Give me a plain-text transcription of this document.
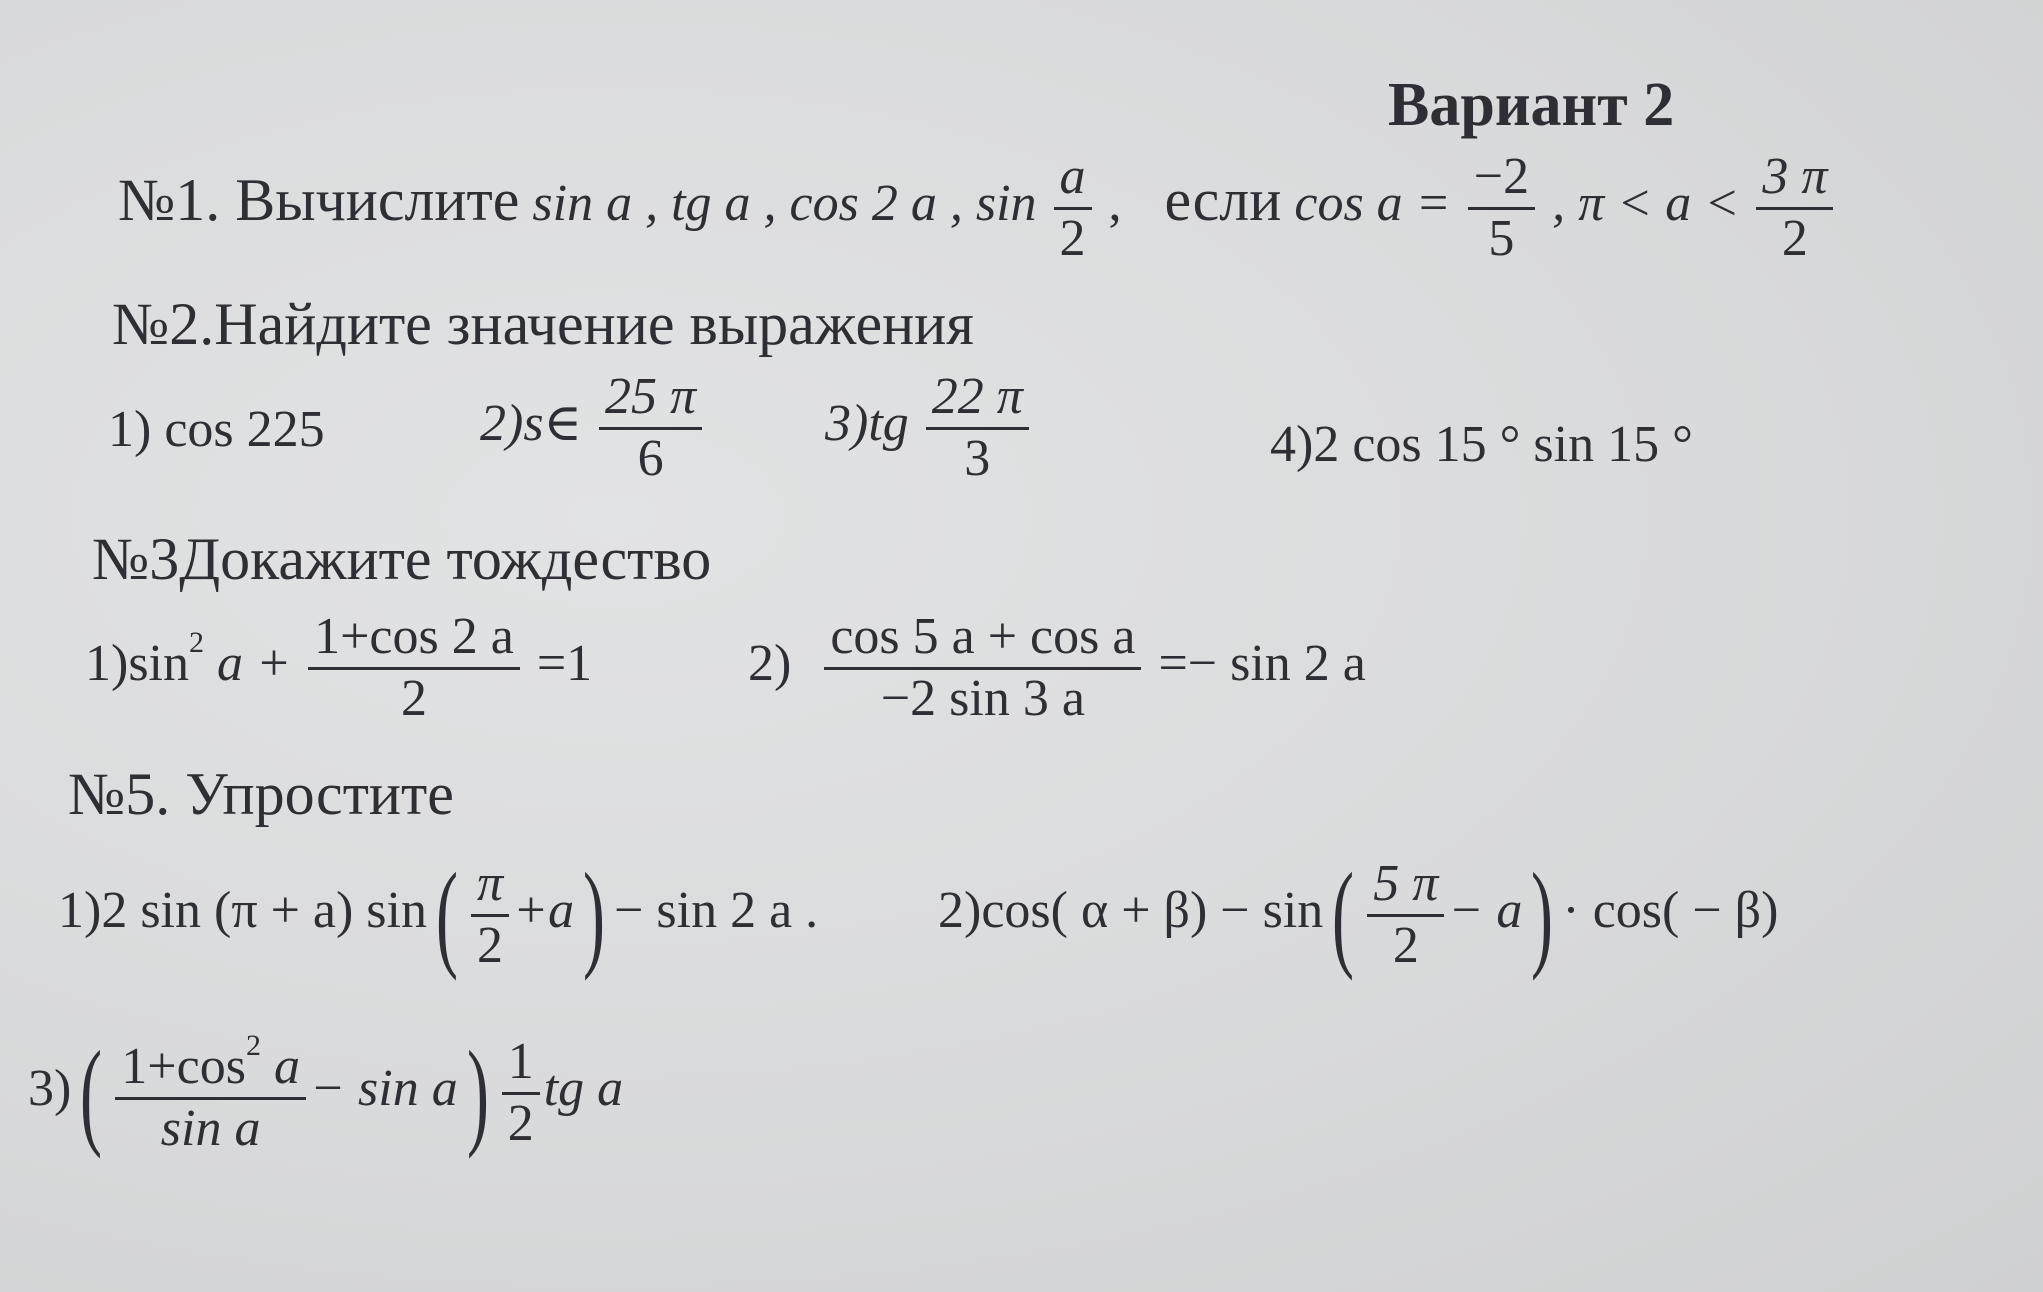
Вариант 2
№1. Вычислите sin a , tg a , cos 2 a , $\sin \frac{a}{2}$ , если $\cos a = \frac{-2}{5}$ , $\pi < a < \frac{3 \pi}{2}$
№2.Найдите значение выражения
1) cos 225	2)s∈ $\frac{25 \pi}{6} 3)tg \frac{22 \pi}{3}$	4)2 cos 15 ° sin 15 °
№3Докажите тождество
$1)\sin^2$ $a + \frac{1+\cos 2 a}{2} =1$	$2) \frac{\text{cos 5 a + cos a}}{-2 \sin 3 a} =- \sin 2$ a
№5. Упростите
1)2 sin (π + a) $\sin( \frac{\pi}{2} +a) - \sin 2$ a . 2)cos( $\alpha + \beta) - \sin( \frac{5 \pi}{2} - a) \cdot \cos( - \beta)$
$3)( \frac{1+\cos^2 a}{\text{sin a}} - \sin a) \frac{1}{2}$ tg a
